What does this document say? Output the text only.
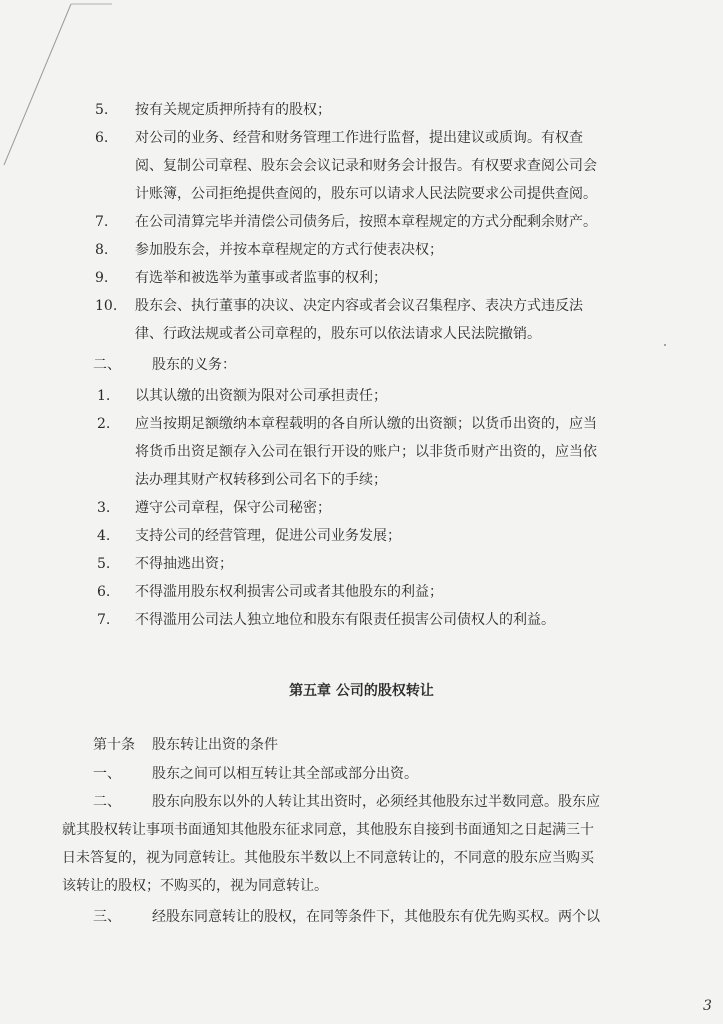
5.	按有关规定质押所持有的股权；
6.	对公司的业务、经营和财务管理工作进行监督，提出建议或质询。有权查
阅、复制公司章程、股东会会议记录和财务会计报告。有权要求查阅公司会
计账簿，公司拒绝提供查阅的，股东可以请求人民法院要求公司提供查阅。
7.	在公司清算完毕并清偿公司债务后，按照本章程规定的方式分配剩余财产。
8.	参加股东会，并按本章程规定的方式行使表决权；
9.	有选举和被选举为董事或者监事的权利；
10.	股东会、执行董事的决议、决定内容或者会议召集程序、表决方式违反法
律、行政法规或者公司章程的，股东可以依法请求人民法院撤销。
二、	股东的义务：
1.	以其认缴的出资额为限对公司承担责任；
2.	应当按期足额缴纳本章程载明的各自所认缴的出资额；以货币出资的，应当
将货币出资足额存入公司在银行开设的账户；以非货币财产出资的，应当依
法办理其财产权转移到公司名下的手续；
3.	遵守公司章程，保守公司秘密；
4.	支持公司的经营管理，促进公司业务发展；
5.	不得抽逃出资；
6.	不得滥用股东权利损害公司或者其他股东的利益；
7.	不得滥用公司法人独立地位和股东有限责任损害公司债权人的利益。
第五章 公司的股权转让
第十条 股东转让出资的条件
一、	股东之间可以相互转让其全部或部分出资。
二、	股东向股东以外的人转让其出资时，必须经其他股东过半数同意。股东应
就其股权转让事项书面通知其他股东征求同意，其他股东自接到书面通知之日起满三十
日未答复的，视为同意转让。其他股东半数以上不同意转让的，不同意的股东应当购买
该转让的股权；不购买的，视为同意转让。
三、	经股东同意转让的股权，在同等条件下，其他股东有优先购买权。两个以
3
